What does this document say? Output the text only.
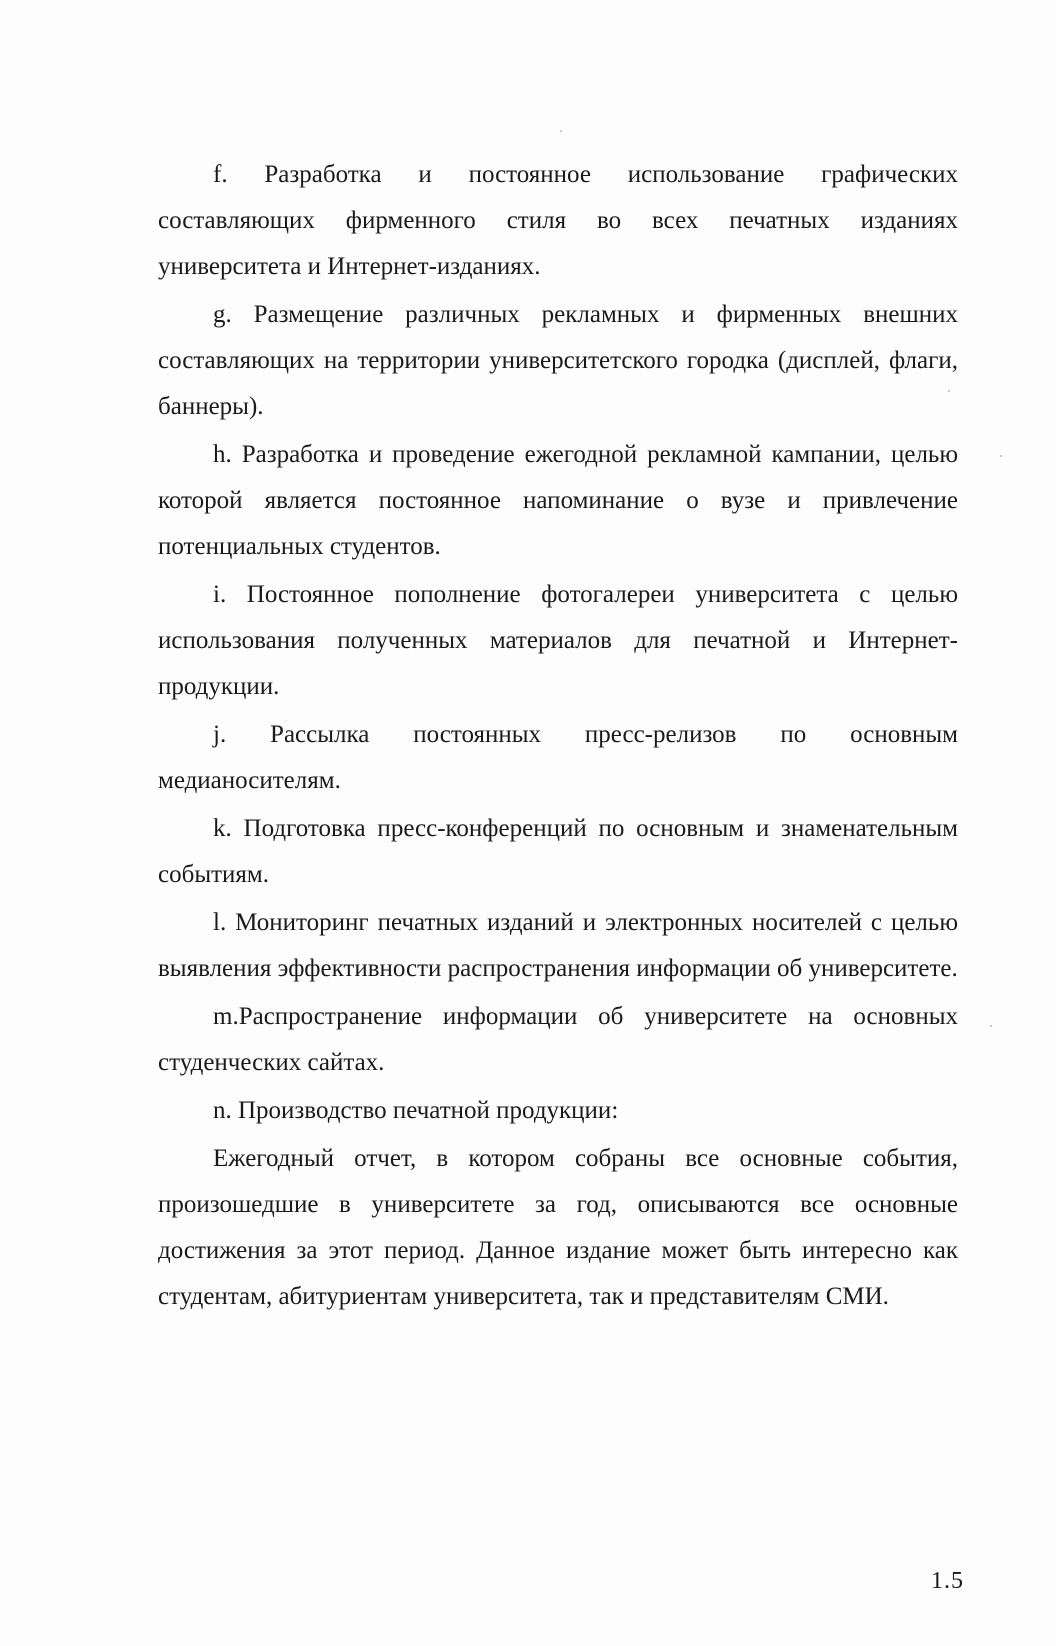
f. Разработка и постоянное использование графических составляющих фирменного стиля во всех печатных изданиях университета и Интернет-изданиях.

g. Размещение различных рекламных и фирменных внешних составляющих на территории университетского городка (дисплей, флаги, баннеры).

h. Разработка и проведение ежегодной рекламной кампании, целью которой является постоянное напоминание о вузе и привлечение потенциальных студентов.

i. Постоянное пополнение фотогалереи университета с целью использования полученных материалов для печатной и Интернет-продукции.

j. Рассылка постоянных пресс-релизов по основным медианосителям.

k. Подготовка пресс-конференций по основным и знаменательным событиям.

l. Мониторинг печатных изданий и электронных носителей с целью выявления эффективности распространения информации об университете.

m.Распространение информации об университете на основных студенческих сайтах.

n. Производство печатной продукции:

Ежегодный отчет, в котором собраны все основные события, произошедшие в университете за год, описываются все основные достижения за этот период. Данное издание может быть интересно как студентам, абитуриентам университета, так и представителям СМИ.

1.5
